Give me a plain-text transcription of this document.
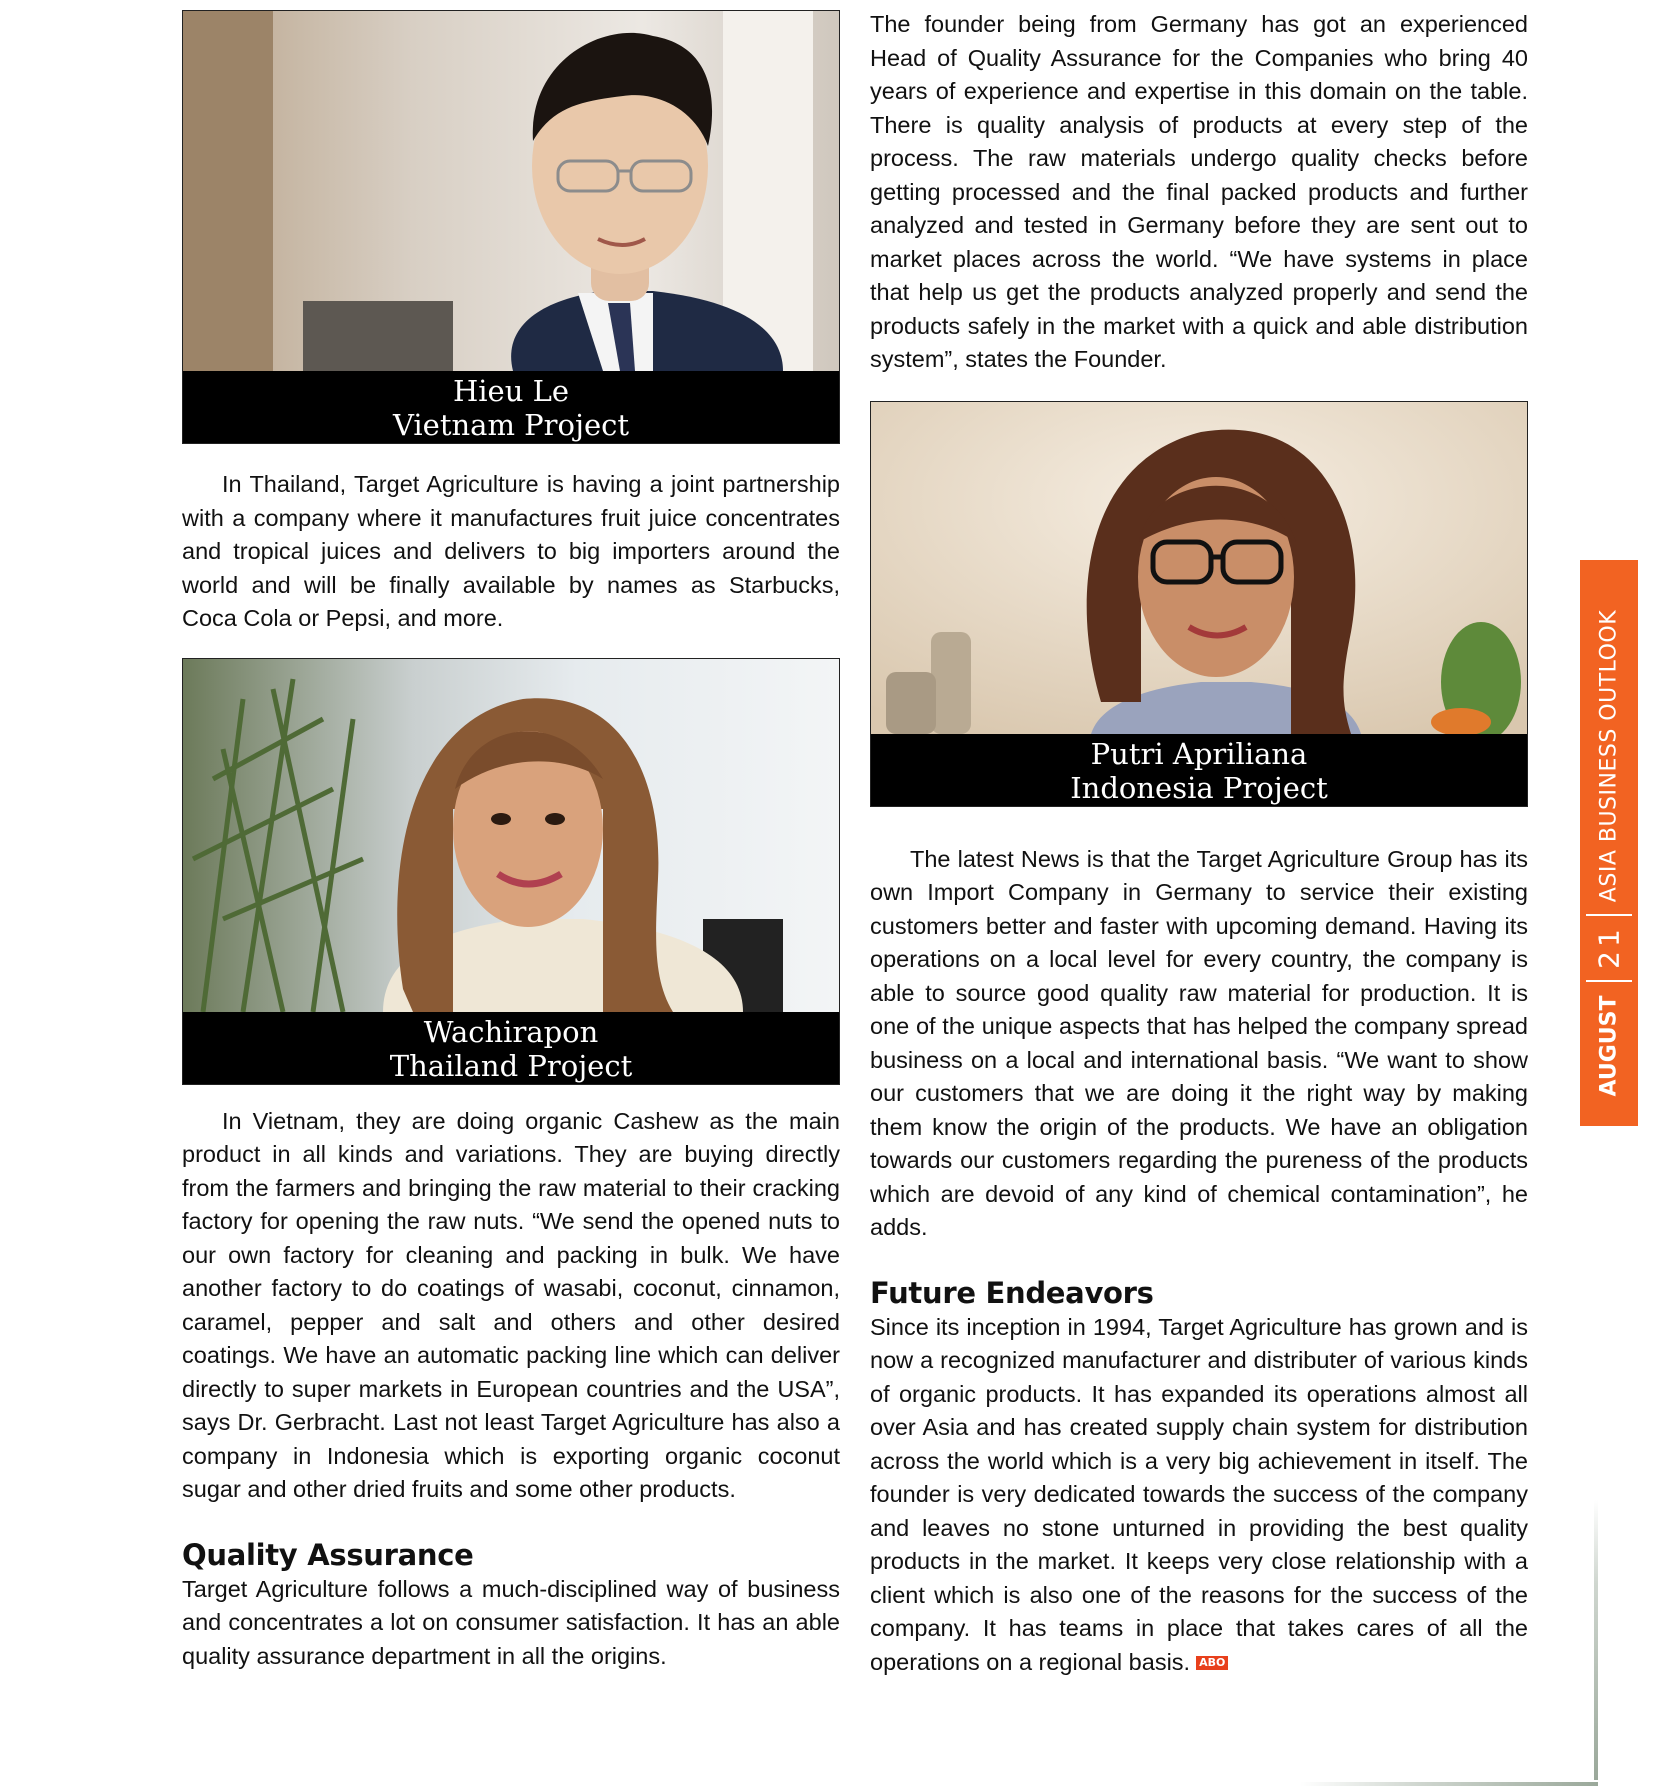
Hieu Le
Vietnam Project

In Thailand, Target Agriculture is having a joint partnership with a company where it manufactures fruit juice concentrates and tropical juices and delivers to big importers around the world and will be finally available by names as Starbucks, Coca Cola or Pepsi, and more.

Wachirapon
Thailand Project

In Vietnam, they are doing organic Cashew as the main product in all kinds and variations. They are buying directly from the farmers and bringing the raw material to their cracking factory for opening the raw nuts. “We send the opened nuts to our own factory for cleaning and packing in bulk. We have another factory to do coatings of wasabi, coconut, cinnamon, caramel, pepper and salt and others and other desired coatings. We have an automatic packing line which can deliver directly to super markets in European countries and the USA”, says Dr. Gerbracht. Last not least Target Agriculture has also a company in Indonesia which is exporting organic coconut sugar and other dried fruits and some other products.

Quality Assurance

Target Agriculture follows a much-disciplined way of business and concentrates a lot on consumer satisfaction. It has an able quality assurance department in all the origins.

The founder being from Germany has got an experienced Head of Quality Assurance for the Companies who bring 40 years of experience and expertise in this domain on the table. There is quality analysis of products at every step of the process. The raw materials undergo quality checks before getting processed and the final packed products and further analyzed and tested in Germany before they are sent out to market places across the world. “We have systems in place that help us get the products analyzed properly and send the products safely in the market with a quick and able distribution system”, states the Founder.

Putri Apriliana
Indonesia Project

The latest News is that the Target Agriculture Group has its own Import Company in Germany to service their existing customers better and faster with upcoming demand. Having its operations on a local level for every country, the company is able to source good quality raw material for production. It is one of the unique aspects that has helped the company spread business on a local and international basis. “We want to show our customers that we are doing it the right way by making them know the origin of the products. We have an obligation towards our customers regarding the pureness of the products which are devoid of any kind of chemical contamination”, he adds.

Future Endeavors

Since its inception in 1994, Target Agriculture has grown and is now a recognized manufacturer and distributer of various kinds of organic products. It has expanded its operations almost all over Asia and has created supply chain system for distribution across the world which is a very big achievement in itself. The founder is very dedicated towards the success of the company and leaves no stone unturned in providing the best quality products in the market. It keeps very close relationship with a client which is also one of the reasons for the success of the company. It has teams in place that takes cares of all the operations on a regional basis. ABO

ASIA BUSINESS OUTLOOK
21
AUGUST
